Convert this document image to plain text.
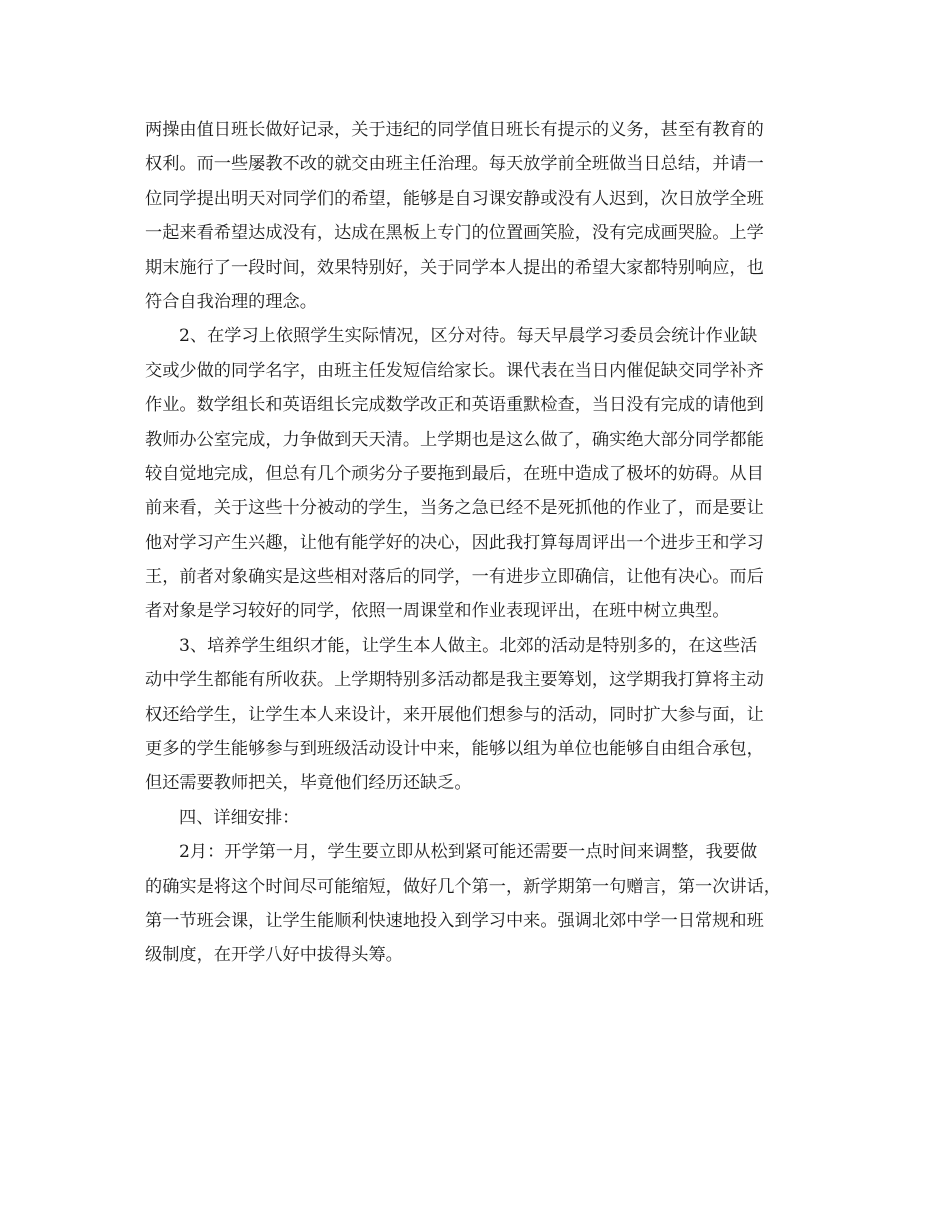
两操由值日班长做好记录，关于违纪的同学值日班长有提示的义务，甚至有教育的
权利。而一些屡教不改的就交由班主任治理。每天放学前全班做当日总结，并请一
位同学提出明天对同学们的希望，能够是自习课安静或没有人迟到，次日放学全班
一起来看希望达成没有，达成在黑板上专门的位置画笑脸，没有完成画哭脸。上学
期末施行了一段时间，效果特别好，关于同学本人提出的希望大家都特别响应，也
符合自我治理的理念。
2、在学习上依照学生实际情况，区分对待。每天早晨学习委员会统计作业缺
交或少做的同学名字，由班主任发短信给家长。课代表在当日内催促缺交同学补齐
作业。数学组长和英语组长完成数学改正和英语重默检查，当日没有完成的请他到
教师办公室完成，力争做到天天清。上学期也是这么做了，确实绝大部分同学都能
较自觉地完成，但总有几个顽劣分子要拖到最后，在班中造成了极坏的妨碍。从目
前来看，关于这些十分被动的学生，当务之急已经不是死抓他的作业了，而是要让
他对学习产生兴趣，让他有能学好的决心，因此我打算每周评出一个进步王和学习
王，前者对象确实是这些相对落后的同学，一有进步立即确信，让他有决心。而后
者对象是学习较好的同学，依照一周课堂和作业表现评出，在班中树立典型。
3、培养学生组织才能，让学生本人做主。北郊的活动是特别多的，在这些活
动中学生都能有所收获。上学期特别多活动都是我主要筹划，这学期我打算将主动
权还给学生，让学生本人来设计，来开展他们想参与的活动，同时扩大参与面，让
更多的学生能够参与到班级活动设计中来，能够以组为单位也能够自由组合承包，
但还需要教师把关，毕竟他们经历还缺乏。
四、详细安排：
2月：开学第一月，学生要立即从松到紧可能还需要一点时间来调整，我要做
的确实是将这个时间尽可能缩短，做好几个第一，新学期第一句赠言，第一次讲话，
第一节班会课，让学生能顺利快速地投入到学习中来。强调北郊中学一日常规和班
级制度，在开学八好中拔得头筹。
